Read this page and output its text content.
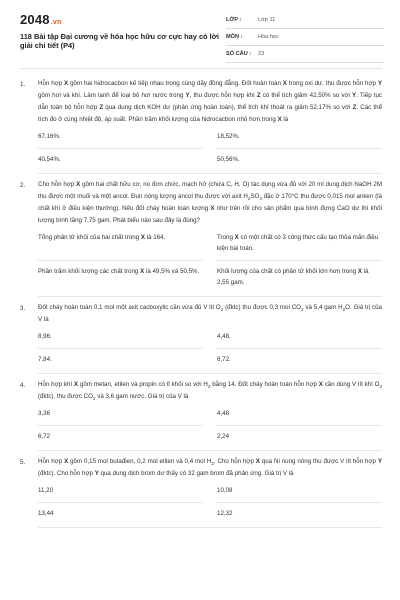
2048.vn
118 Bài tập Đại cương về hóa học hữu cơ cực hay có lời giải chi tiết (P4)
LỚP :	Lớp 11
MÔN :	Hóa học
SỐ CÂU :	23
1. Hỗn hợp X gồm hai hidrocacbon kế tiếp nhau trong cùng dãy đồng đẳng. Đốt hoàn toàn X trong oxi dư, thu được hỗn hợp Y gồm hơi và khí. Làm lạnh để loại bỏ hơi nước trong Y, thu được hỗn hợp khí Z có thể tích giảm 42,50% so với Y. Tiếp tục dẫn toàn bộ hỗn hợp Z qua dung dịch KOH dư (phản ứng hoàn toàn), thể tích khí thoát ra giảm 52,17% so với Z. Các thể tích đo ở cùng nhiệt độ, áp suất. Phần trăm khối lượng của hidrocacbon nhỏ hơn trong X là
67,16%.	18,52%.
40,54%.	50,56%.
2. Cho hỗn hợp X gồm hai chất hữu cơ, no đơn chức, mạch hở (chứa C, H, O) tác dụng vừa đủ với 20 ml dung dịch NaOH 2M thu được một muối và một ancol. Đun nóng lượng ancol thu được với axit $H_2SO_4$ đặc ở 170°C thu được 0,015 mol anken (là chất khí ở điều kiện thường). Nếu đốt cháy hoàn toàn lượng X như trên rồi cho sản phẩm qua bình đựng CaO dư thì khối lượng bình tăng 7,75 gam. Phát biểu nào sau đây là đúng?
Tổng phân tử khối của hai chất trong X là 164.	Trong X có một chất có 3 công thức cấu tạo thỏa mãn điều kiện bài toán.
Phần trăm khối lượng các chất trong X là 49,5% và 50,5%.	Khối lượng của chất có phân tử khối lớn hơn trong X là 2,55 gam.
3. Đốt cháy hoàn toàn 0,1 mol một axit cacboxylic cần vừa đủ V lít $O_2$ (đktc) thu được 0,3 mol $CO_2$ và 5,4 gam $H_2O$. Giá trị của V là
8,96.	4,48.
7,84.	6,72.
4. Hỗn hợp khí X gồm metan, etilen và propin có tỉ khối so với $H_2$ bằng 14. Đốt cháy hoàn toàn hỗn hợp X cần dùng V lít khí $O_2$ (đktc), thu được $CO_2$ và 3,6 gam nước. Giá trị của V là
3,36	4,48
6,72	2,24
5. Hỗn hợp X gồm 0,15 mol butađien, 0,2 mol etilen và 0,4 mol $H_2$. Cho hỗn hợp X qua Ni nung nóng thu được V lít hỗn hợp Y (đktc). Cho hỗn hợp Y qua dung dịch brom dư thấy có 32 gam brom đã phản ứng. Giá trị V là
11,20	10,08
13,44	12,32
